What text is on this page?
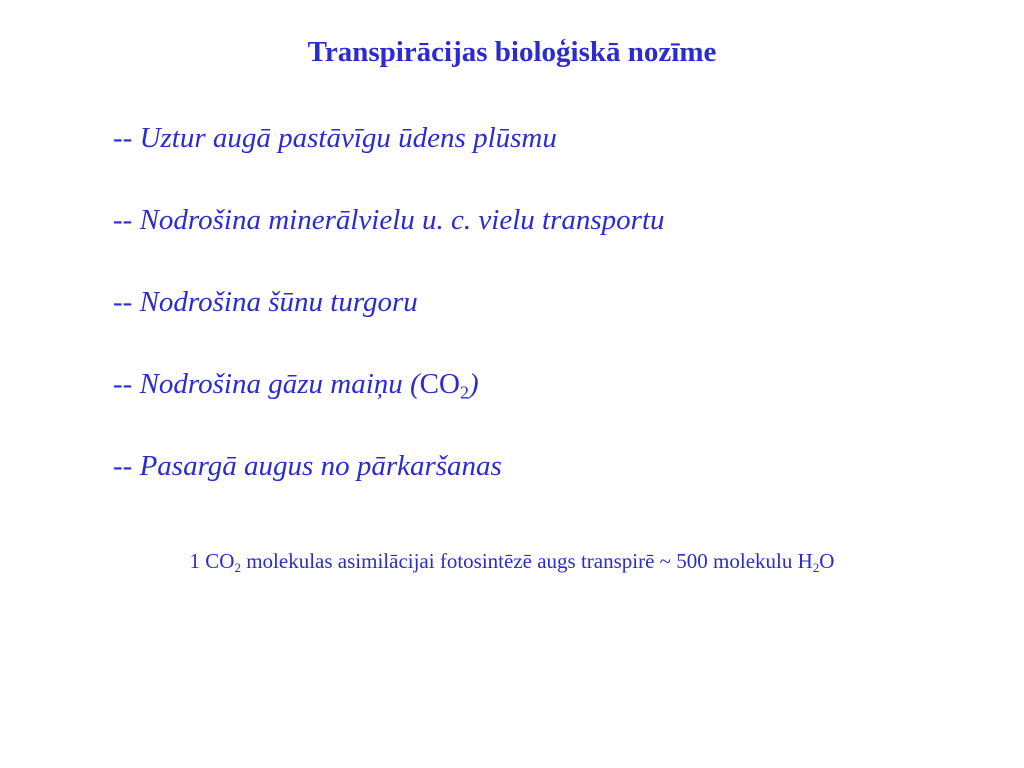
Transpirācijas bioloģiskā nozīme
-- Uztur augā pastāvīgu ūdens plūsmu
-- Nodrošina minerālvielu u. c. vielu transportu
-- Nodrošina šūnu turgoru
-- Nodrošina gāzu maiņu $(CO_2)$
-- Pasargā augus no pārkaršanas
1 $CO_2$ molekulas asimilācijai fotosintēzē augs transpirē ~ 500 molekulu $H_2O$
